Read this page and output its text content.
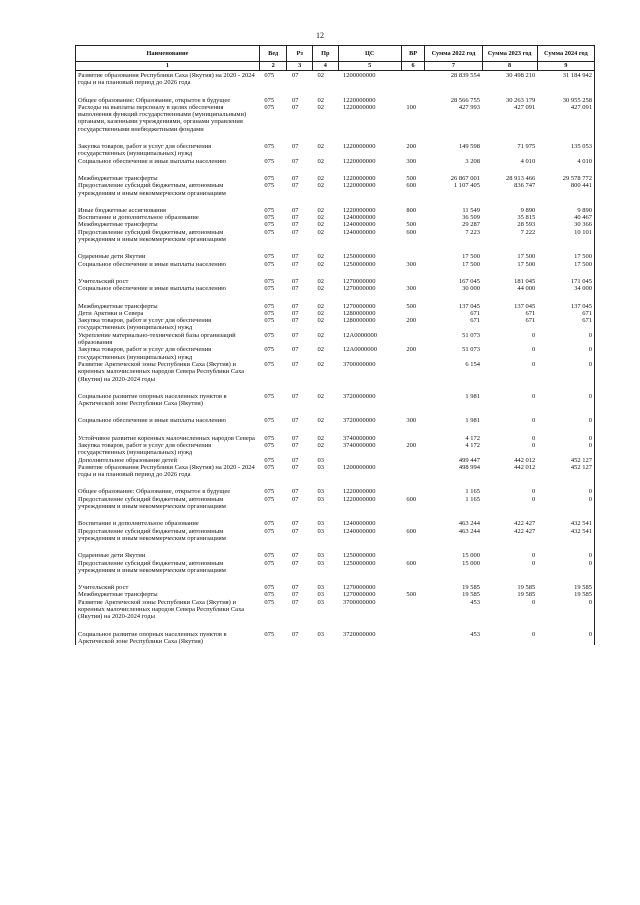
12
Наименование	Вед	Рз	Пр	ЦС	ВР	Сумма 2022 год	Сумма 2023 год	Сумма 2024 год
1	2	3	4	5	6	7	8	9
Развитие образования Республики Саха (Якутия) на 2020 - 2024 годы и на плановый период до 2026 года	075	07	02	1200000000		28 839 554	30 498 210	31 184 942
Общее образование: Образование, открытое в будущее	075	07	02	1220000000		28 566 755	30 263 179	30 955 258
Расходы на выплаты персоналу в целях обеспечения выполнения функций государственными (муниципальными) органами, казенными учреждениями, органами управления государственными внебюджетными фондами	075	07	02	1220000000	100	427 993	427 091	427 091
Закупка товаров, работ и услуг для обеспечения государственных (муниципальных) нужд	075	07	02	1220000000	200	149 598	71 975	135 053
Социальное обеспечение и иные выплаты населению	075	07	02	1220000000	300	3 208	4 010	4 010
Межбюджетные трансферты	075	07	02	1220000000	500	26 867 001	28 913 466	29 578 772
Предоставление субсидий бюджетным, автономным учреждениям и иным некоммерческим организациям	075	07	02	1220000000	600	1 107 405	836 747	800 441
Иные бюджетные ассигнования	075	07	02	1220000000	800	11 549	9 890	9 890
Воспитание и дополнительное образование	075	07	02	1240000000		36 509	35 815	40 467
Межбюджетные трансферты	075	07	02	1240000000	500	29 287	28 593	30 366
Предоставление субсидий бюджетным, автономным учреждениям и иным некоммерческим организациям	075	07	02	1240000000	600	7 223	7 222	10 101
Одаренные дети Якутии	075	07	02	1250000000		17 500	17 500	17 500
Социальное обеспечение и иные выплаты населению	075	07	02	1250000000	300	17 500	17 500	17 500
Учительский рост	075	07	02	1270000000		167 045	181 045	171 045
Социальное обеспечение и иные выплаты населению	075	07	02	1270000000	300	30 000	44 000	34 000
Межбюджетные трансферты	075	07	02	1270000000	500	137 045	137 045	137 045
Дети Арктики и Севера	075	07	02	1280000000		671	671	671
Закупка товаров, работ и услуг для обеспечения государственных (муниципальных) нужд	075	07	02	1280000000	200	671	671	671
Укрепление материально-технической базы организаций образования	075	07	02	12А0000000		51 073	0	0
Закупка товаров, работ и услуг для обеспечения государственных (муниципальных) нужд	075	07	02	12А0000000	200	51 073	0	0
Развитие Арктической зоны Республики Саха (Якутия) и коренных малочисленных народов Севера Республики Саха (Якутия) на 2020-2024 годы	075	07	02	3700000000		6 154	0	0
Социальное развитие опорных населенных пунктов в Арктической зоне Республики Саха (Якутия)	075	07	02	3720000000		1 981	0	0
Социальное обеспечение и иные выплаты населению	075	07	02	3720000000	300	1 981	0	0
Устойчивое развитие коренных малочисленных народов Севера	075	07	02	3740000000		4 172	0	0
Закупка товаров, работ и услуг для обеспечения государственных (муниципальных) нужд	075	07	02	3740000000	200	4 172	0	0
Дополнительное образование детей	075	07	03			499 447	442 012	452 127
Развитие образования Республики Саха (Якутия) на 2020 - 2024 годы и на плановый период до 2026 года	075	07	03	1200000000		498 994	442 012	452 127
Общее образование: Образование, открытое в будущее	075	07	03	1220000000		1 165	0	0
Предоставление субсидий бюджетным, автономным учреждениям и иным некоммерческим организациям	075	07	03	1220000000	600	1 165	0	0
Воспитание и дополнительное образование	075	07	03	1240000000		463 244	422 427	432 541
Предоставление субсидий бюджетным, автономным учреждениям и иным некоммерческим организациям	075	07	03	1240000000	600	463 244	422 427	432 541
Одаренные дети Якутии	075	07	03	1250000000		15 000	0	0
Предоставление субсидий бюджетным, автономным учреждениям и иным некоммерческим организациям	075	07	03	1250000000	600	15 000	0	0
Учительский рост	075	07	03	1270000000		19 585	19 585	19 585
Межбюджетные трансферты	075	07	03	1270000000	500	19 585	19 585	19 585
Развитие Арктической зоны Республики Саха (Якутия) и коренных малочисленных народов Севера Республики Саха (Якутия) на 2020-2024 годы	075	07	03	3700000000		453	0	0
Социальное развитие опорных населенных пунктов в Арктической зоне Республики Саха (Якутия)	075	07	03	3720000000		453	0	0
